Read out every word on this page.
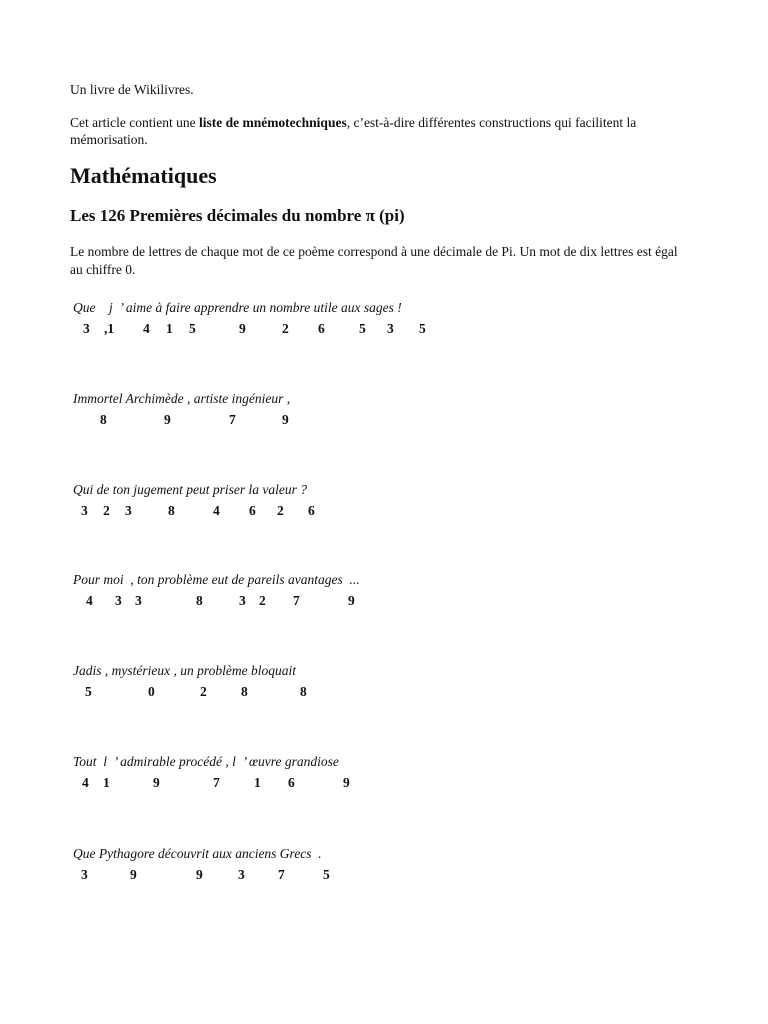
Un livre de Wikilivres.

Cet article contient une liste de mnémotechniques, c’est-à-dire différentes constructions qui facilitent la mémorisation.

Mathématiques
Les 126 Premières décimales du nombre π (pi)

Le nombre de lettres de chaque mot de ce poème correspond à une décimale de Pi. Un mot de dix lettres est égal au chiffre 0.

Que    j  ’ aime à faire apprendre un nombre utile aux sages !
3 ,1 4 1 5	9	2 6	5 3 5
Immortel Archimède , artiste ingénieur ,
8	9	7	9
Qui de ton jugement peut priser la valeur ?
3 2 3	8	4 6 2 6
Pour moi  , ton problème eut de pareils avantages  ...
4 3 3	8	3 2 7	9
Jadis , mystérieux , un problème bloquait
5	0	2	8	8
Tout  l  ’ admirable procédé , l  ’ œuvre grandiose
4 1	9	7	1 6	9
Que Pythagore découvrit aux anciens Grecs  .
3	9	9	3 7	5
